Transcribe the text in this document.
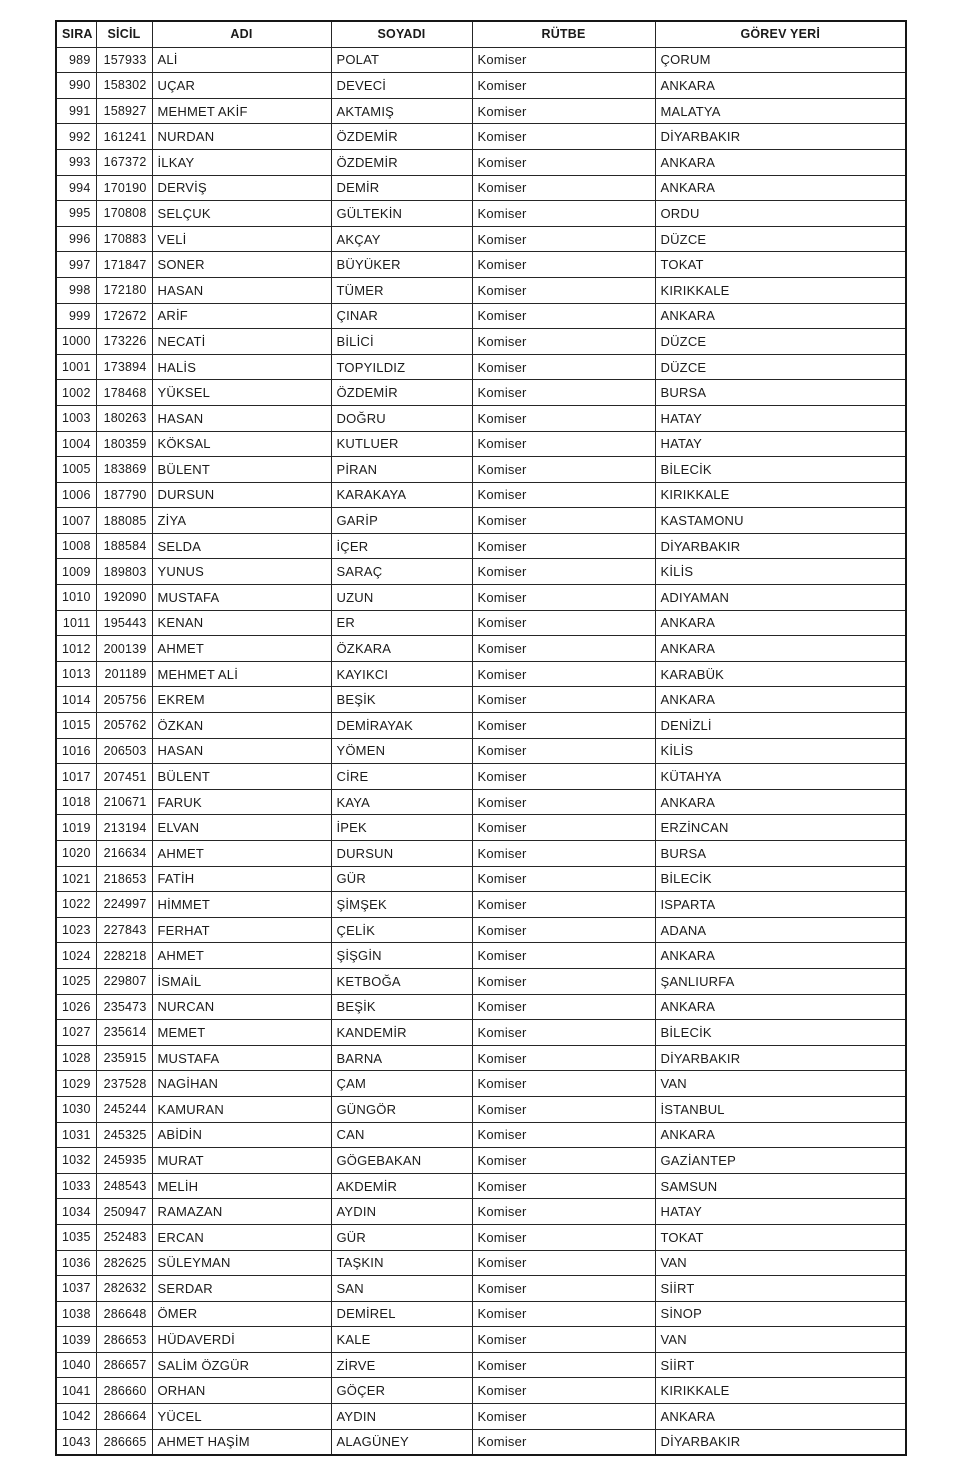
SIRA	SİCİL	ADI	SOYADI	RÜTBE	GÖREV YERİ
989	157933	ALİ	POLAT	Komiser	ÇORUM
990	158302	UÇAR	DEVECİ	Komiser	ANKARA
991	158927	MEHMET AKİF	AKTAMIŞ	Komiser	MALATYA
992	161241	NURDAN	ÖZDEMİR	Komiser	DİYARBAKIR
993	167372	İLKAY	ÖZDEMİR	Komiser	ANKARA
994	170190	DERVİŞ	DEMİR	Komiser	ANKARA
995	170808	SELÇUK	GÜLTEKİN	Komiser	ORDU
996	170883	VELİ	AKÇAY	Komiser	DÜZCE
997	171847	SONER	BÜYÜKER	Komiser	TOKAT
998	172180	HASAN	TÜMER	Komiser	KIRIKKALE
999	172672	ARİF	ÇINAR	Komiser	ANKARA
1000	173226	NECATİ	BİLİCİ	Komiser	DÜZCE
1001	173894	HALİS	TOPYILDIZ	Komiser	DÜZCE
1002	178468	YÜKSEL	ÖZDEMİR	Komiser	BURSA
1003	180263	HASAN	DOĞRU	Komiser	HATAY
1004	180359	KÖKSAL	KUTLUER	Komiser	HATAY
1005	183869	BÜLENT	PİRAN	Komiser	BİLECİK
1006	187790	DURSUN	KARAKAYA	Komiser	KIRIKKALE
1007	188085	ZİYA	GARİP	Komiser	KASTAMONU
1008	188584	SELDA	İÇER	Komiser	DİYARBAKIR
1009	189803	YUNUS	SARAÇ	Komiser	KİLİS
1010	192090	MUSTAFA	UZUN	Komiser	ADIYAMAN
1011	195443	KENAN	ER	Komiser	ANKARA
1012	200139	AHMET	ÖZKARA	Komiser	ANKARA
1013	201189	MEHMET ALİ	KAYIKCI	Komiser	KARABÜK
1014	205756	EKREM	BEŞİK	Komiser	ANKARA
1015	205762	ÖZKAN	DEMİRAYAK	Komiser	DENİZLİ
1016	206503	HASAN	YÖMEN	Komiser	KİLİS
1017	207451	BÜLENT	CİRE	Komiser	KÜTAHYA
1018	210671	FARUK	KAYA	Komiser	ANKARA
1019	213194	ELVAN	İPEK	Komiser	ERZİNCAN
1020	216634	AHMET	DURSUN	Komiser	BURSA
1021	218653	FATİH	GÜR	Komiser	BİLECİK
1022	224997	HİMMET	ŞİMŞEK	Komiser	ISPARTA
1023	227843	FERHAT	ÇELİK	Komiser	ADANA
1024	228218	AHMET	ŞİŞGİN	Komiser	ANKARA
1025	229807	İSMAİL	KETBOĞA	Komiser	ŞANLIURFA
1026	235473	NURCAN	BEŞİK	Komiser	ANKARA
1027	235614	MEMET	KANDEMİR	Komiser	BİLECİK
1028	235915	MUSTAFA	BARNA	Komiser	DİYARBAKIR
1029	237528	NAGİHAN	ÇAM	Komiser	VAN
1030	245244	KAMURAN	GÜNGÖR	Komiser	İSTANBUL
1031	245325	ABİDİN	CAN	Komiser	ANKARA
1032	245935	MURAT	GÖGEBAKAN	Komiser	GAZİANTEP
1033	248543	MELİH	AKDEMİR	Komiser	SAMSUN
1034	250947	RAMAZAN	AYDIN	Komiser	HATAY
1035	252483	ERCAN	GÜR	Komiser	TOKAT
1036	282625	SÜLEYMAN	TAŞKIN	Komiser	VAN
1037	282632	SERDAR	SAN	Komiser	SİİRT
1038	286648	ÖMER	DEMİREL	Komiser	SİNOP
1039	286653	HÜDAVERDİ	KALE	Komiser	VAN
1040	286657	SALİM ÖZGÜR	ZİRVE	Komiser	SİİRT
1041	286660	ORHAN	GÖÇER	Komiser	KIRIKKALE
1042	286664	YÜCEL	AYDIN	Komiser	ANKARA
1043	286665	AHMET HAŞİM	ALAGÜNEY	Komiser	DİYARBAKIR
